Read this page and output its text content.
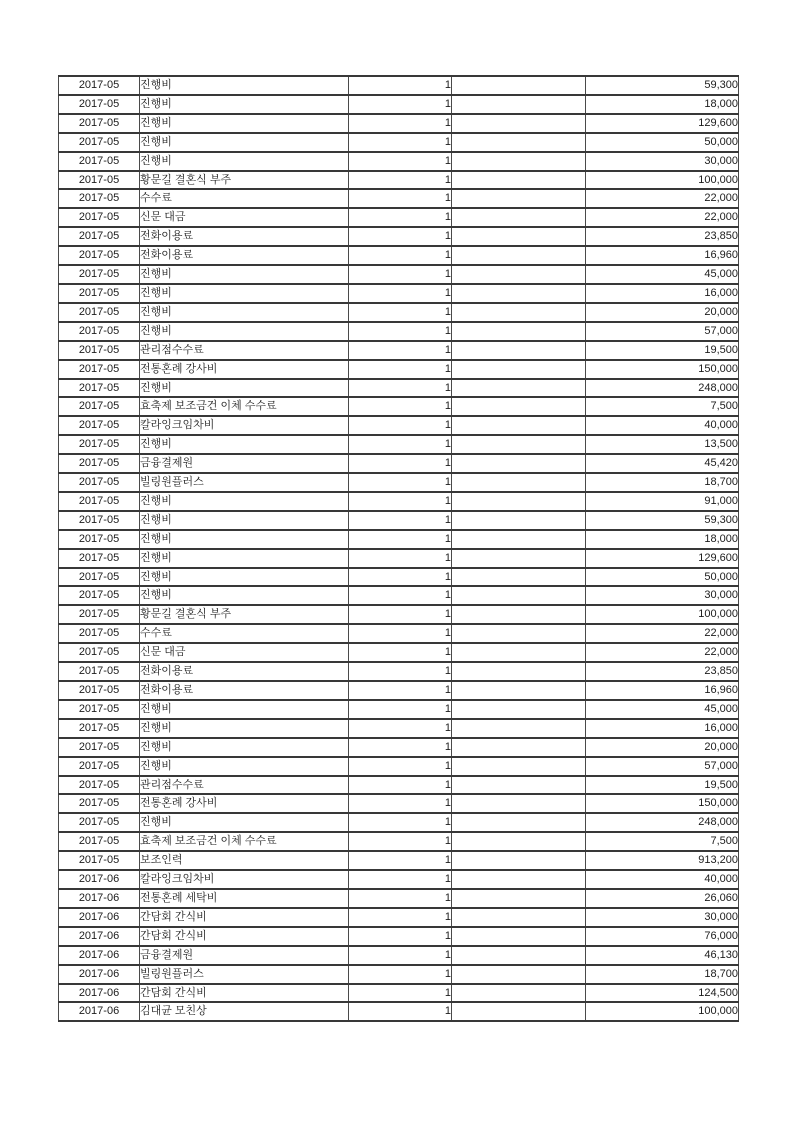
2017-05	진행비	1		59,300
2017-05	진행비	1		18,000
2017-05	진행비	1		129,600
2017-05	진행비	1		50,000
2017-05	진행비	1		30,000
2017-05	황문길 결혼식 부주	1		100,000
2017-05	수수료	1		22,000
2017-05	신문 대금	1		22,000
2017-05	전화이용료	1		23,850
2017-05	전화이용료	1		16,960
2017-05	진행비	1		45,000
2017-05	진행비	1		16,000
2017-05	진행비	1		20,000
2017-05	진행비	1		57,000
2017-05	관리점수수료	1		19,500
2017-05	전통혼례 강사비	1		150,000
2017-05	진행비	1		248,000
2017-05	효축제 보조금건 이체 수수료	1		7,500
2017-05	칼라잉크임차비	1		40,000
2017-05	진행비	1		13,500
2017-05	금융결제원	1		45,420
2017-05	빌링원플러스	1		18,700
2017-05	진행비	1		91,000
2017-05	진행비	1		59,300
2017-05	진행비	1		18,000
2017-05	진행비	1		129,600
2017-05	진행비	1		50,000
2017-05	진행비	1		30,000
2017-05	황문길 결혼식 부주	1		100,000
2017-05	수수료	1		22,000
2017-05	신문 대금	1		22,000
2017-05	전화이용료	1		23,850
2017-05	전화이용료	1		16,960
2017-05	진행비	1		45,000
2017-05	진행비	1		16,000
2017-05	진행비	1		20,000
2017-05	진행비	1		57,000
2017-05	관리점수수료	1		19,500
2017-05	전통혼례 강사비	1		150,000
2017-05	진행비	1		248,000
2017-05	효축제 보조금건 이체 수수료	1		7,500
2017-05	보조인력	1		913,200
2017-06	칼라잉크임차비	1		40,000
2017-06	전통혼례 세탁비	1		26,060
2017-06	간담회 간식비	1		30,000
2017-06	간담회 간식비	1		76,000
2017-06	금융결제원	1		46,130
2017-06	빌링원플러스	1		18,700
2017-06	간담회 간식비	1		124,500
2017-06	김대균 모친상	1		100,000
